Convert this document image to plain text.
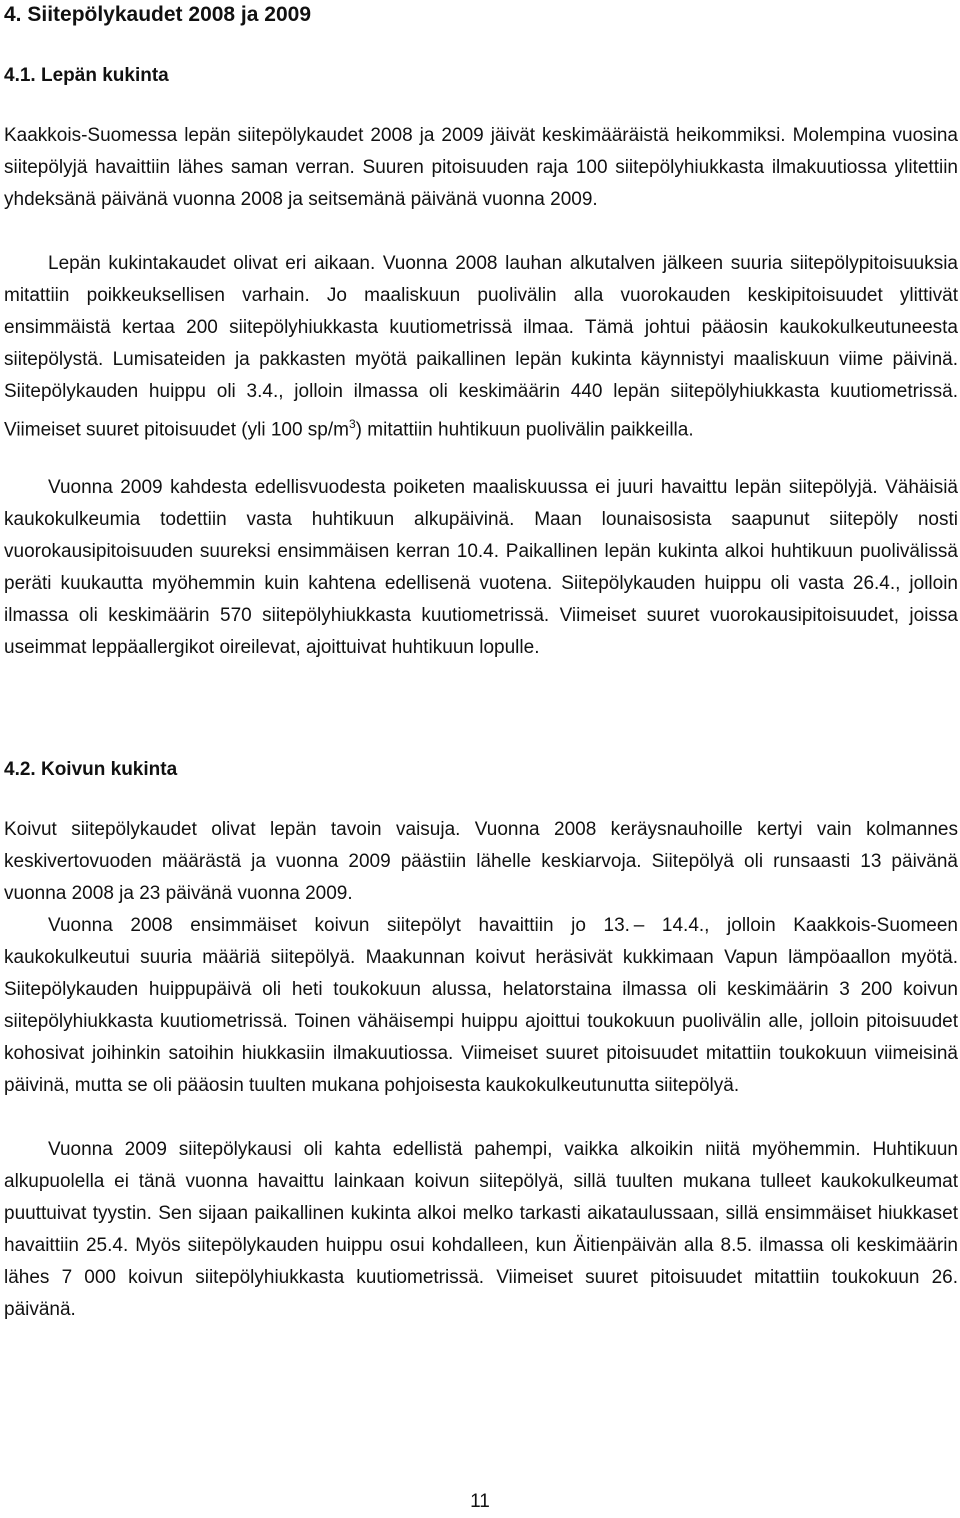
4. Siitepölykaudet 2008 ja 2009
4.1. Lepän kukinta

Kaakkois-Suomessa lepän siitepölykaudet 2008 ja 2009 jäivät keskimääräistä heikommiksi. Molempina vuosina siitepölyjä havaittiin lähes saman verran. Suuren pitoisuuden raja 100 siitepölyhiukkasta ilmakuutiossa ylitettiin yhdeksänä päivänä vuonna 2008 ja seitsemänä päivänä vuonna 2009.

Lepän kukintakaudet olivat eri aikaan. Vuonna 2008 lauhan alkutalven jälkeen suuria siitepölypitoisuuksia mitattiin poikkeuksellisen varhain. Jo maaliskuun puolivälin alla vuorokauden keskipitoisuudet ylittivät ensimmäistä kertaa 200 siitepölyhiukkasta kuutiometrissä ilmaa. Tämä johtui pääosin kaukokulkeutuneesta siitepölystä. Lumisateiden ja pakkasten myötä paikallinen lepän kukinta käynnistyi maaliskuun viime päivinä. Siitepölykauden huippu oli 3.4., jolloin ilmassa oli keskimäärin 440 lepän siitepölyhiukkasta kuutiometrissä. Viimeiset suuret pitoisuudet (yli 100 $sp/m^3$) mitattiin huhtikuun puolivälin paikkeilla.

Vuonna 2009 kahdesta edellisvuodesta poiketen maaliskuussa ei juuri havaittu lepän siitepölyjä. Vähäisiä kaukokulkeumia todettiin vasta huhtikuun alkupäivinä. Maan lounaisosista saapunut siitepöly nosti vuorokausipitoisuuden suureksi ensimmäisen kerran 10.4. Paikallinen lepän kukinta alkoi huhtikuun puolivälissä peräti kuukautta myöhemmin kuin kahtena edellisenä vuotena. Siitepölykauden huippu oli vasta 26.4., jolloin ilmassa oli keskimäärin 570 siitepölyhiukkasta kuutiometrissä. Viimeiset suuret vuorokausipitoisuudet, joissa useimmat leppäallergikot oireilevat, ajoittuivat huhtikuun lopulle.

4.2. Koivun kukinta

Koivut siitepölykaudet olivat lepän tavoin vaisuja. Vuonna 2008 keräysnauhoille kertyi vain kolmannes keskivertovuoden määrästä ja vuonna 2009 päästiin lähelle keskiarvoja. Siitepölyä oli runsaasti 13 päivänä vuonna 2008 ja 23 päivänä vuonna 2009.

Vuonna 2008 ensimmäiset koivun siitepölyt havaittiin jo 13. – 14.4., jolloin Kaakkois-Suomeen kaukokulkeutui suuria määriä siitepölyä. Maakunnan koivut heräsivät kukkimaan Vapun lämpöaallon myötä. Siitepölykauden huippupäivä oli heti toukokuun alussa, helatorstaina ilmassa oli keskimäärin 3 200 koivun siitepölyhiukkasta kuutiometrissä. Toinen vähäisempi huippu ajoittui toukokuun puolivälin alle, jolloin pitoisuudet kohosivat joihinkin satoihin hiukkasiin ilmakuutiossa. Viimeiset suuret pitoisuudet mitattiin toukokuun viimeisinä päivinä, mutta se oli pääosin tuulten mukana pohjoisesta kaukokulkeutunutta siitepölyä.

Vuonna 2009 siitepölykausi oli kahta edellistä pahempi, vaikka alkoikin niitä myöhemmin. Huhtikuun alkupuolella ei tänä vuonna havaittu lainkaan koivun siitepölyä, sillä tuulten mukana tulleet kaukokulkeumat puuttuivat tyystin. Sen sijaan paikallinen kukinta alkoi melko tarkasti aikataulussaan, sillä ensimmäiset hiukkaset havaittiin 25.4. Myös siitepölykauden huippu osui kohdalleen, kun Äitienpäivän alla 8.5. ilmassa oli keskimäärin lähes 7 000 koivun siitepölyhiukkasta kuutiometrissä. Viimeiset suuret pitoisuudet mitattiin toukokuun 26. päivänä.

11
